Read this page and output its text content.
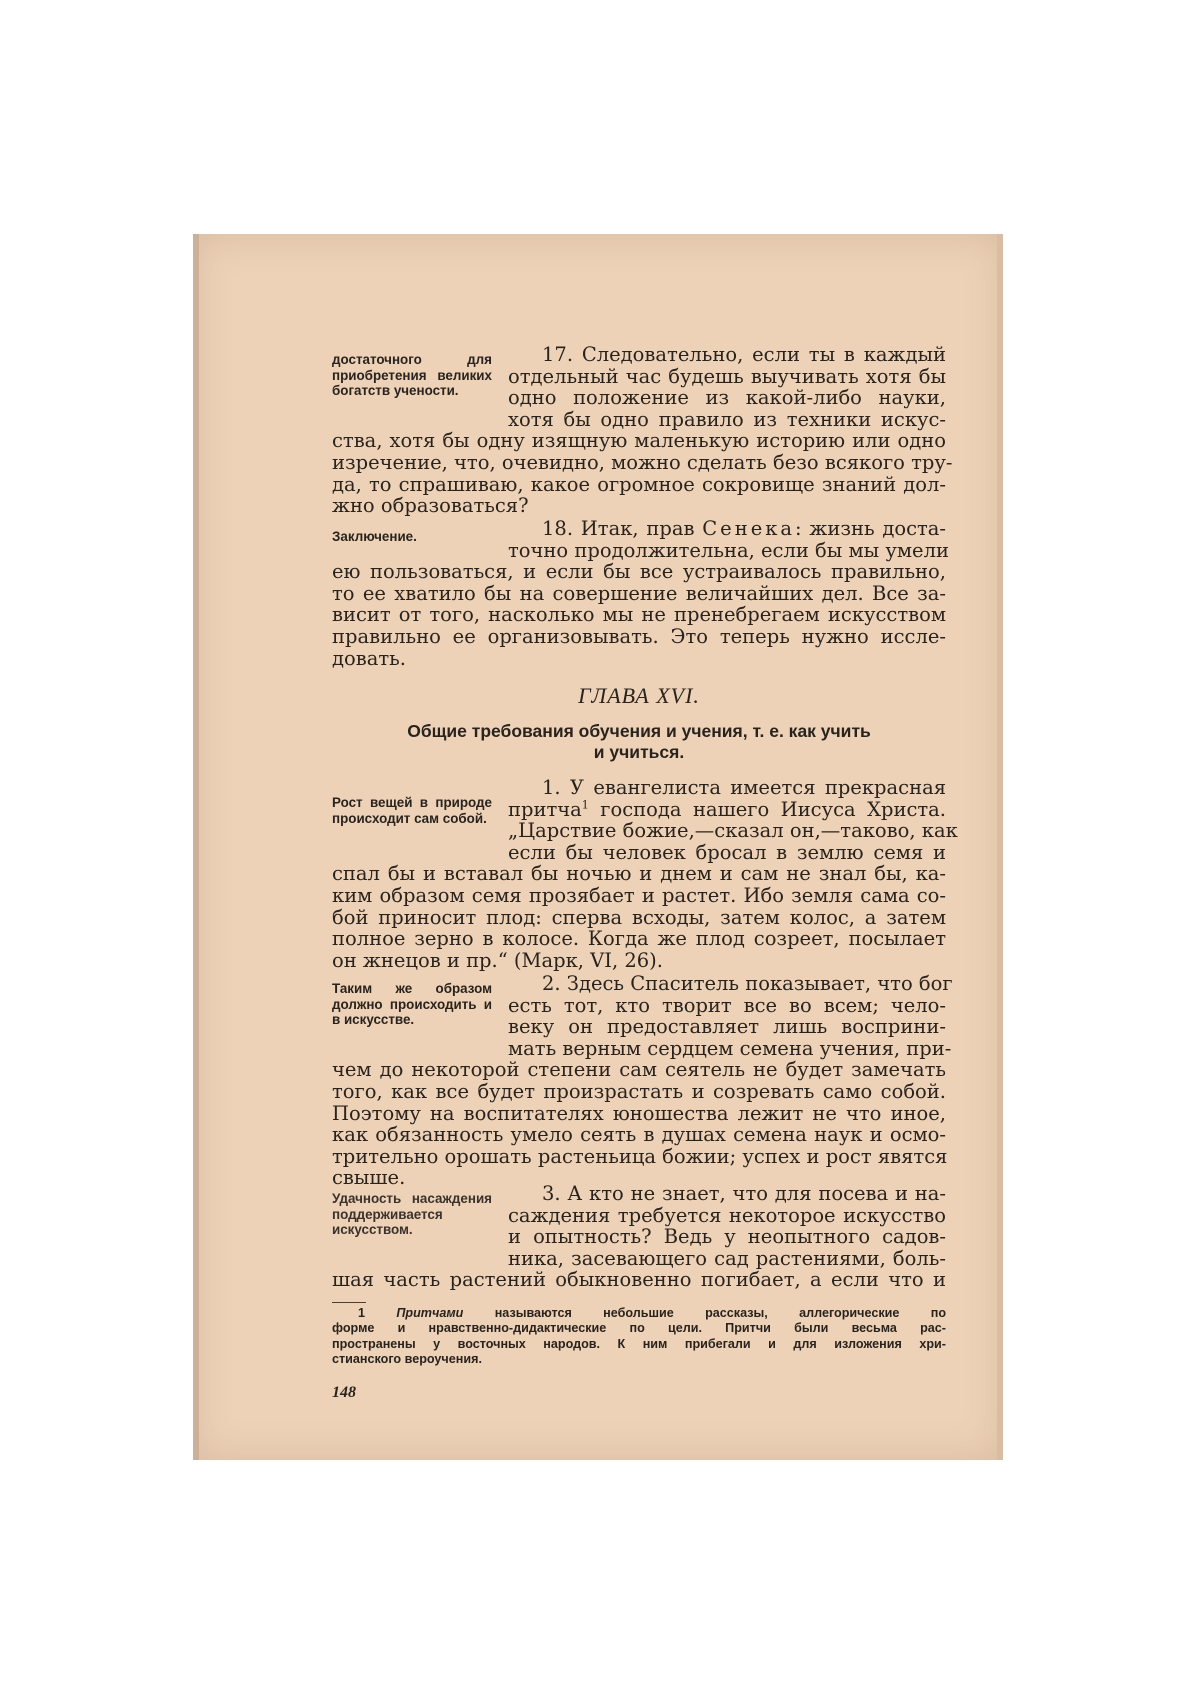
достаточного для приобретения великих богатств учености.
Заключение.
Рост вещей в природе происходит сам собой.
Таким же образом должно происходить и в искусстве.
Удачность насаждения поддерживается искусством.
17. Следовательно, если ты в каждый
отдельный час будешь выучивать хотя бы
одно положение из какой-либо науки,
хотя бы одно правило из техники искус-
ства, хотя бы одну изящную маленькую историю или одно
изречение, что, очевидно, можно сделать безо всякого тру-
да, то спрашиваю, какое огромное сокровище знаний дол-
жно образоваться?
18. Итак, прав Сенека: жизнь доста-
точно продолжительна, если бы мы умели
ею пользоваться, и если бы все устраивалось правильно,
то ее хватило бы на совершение величайших дел. Все за-
висит от того, насколько мы не пренебрегаем искусством
правильно ее организовывать. Это теперь нужно иссле-
довать.
ГЛАВА XVI.
Общие требования обучения и учения, т. е. как учить
и учиться.
1. У евангелиста имеется прекрасная
притча$^1$ господа нашего Иисуса Христа.
„Царствие божие,—сказал он,—таково, как
если бы человек бросал в землю семя и
спал бы и вставал бы ночью и днем и сам не знал бы, ка-
ким образом семя прозябает и растет. Ибо земля сама со-
бой приносит плод: сперва всходы, затем колос, а затем
полное зерно в колосе. Когда же плод созреет, посылает
он жнецов и пр.“ (Марк, VI, 26).
2. Здесь Спаситель показывает, что бог
есть тот, кто творит все во всем; чело-
веку он предоставляет лишь восприни-
мать верным сердцем семена учения, при-
чем до некоторой степени сам сеятель не будет замечать
того, как все будет произрастать и созревать само собой.
Поэтому на воспитателях юношества лежит не что иное,
как обязанность умело сеять в душах семена наук и осмо-
трительно орошать растеньица божии; успех и рост явятся
свыше.
3. А кто не знает, что для посева и на-
саждения требуется некоторое искусство
и опытность? Ведь у неопытного садов-
ника, засевающего сад растениями, боль-
шая часть растений обыкновенно погибает, а если что и
1 Притчами называются небольшие рассказы, аллегорические по
форме и нравственно-дидактические по цели. Притчи были весьма рас-
пространены у восточных народов. К ним прибегали и для изложения хри-
стианского вероучения.
148
